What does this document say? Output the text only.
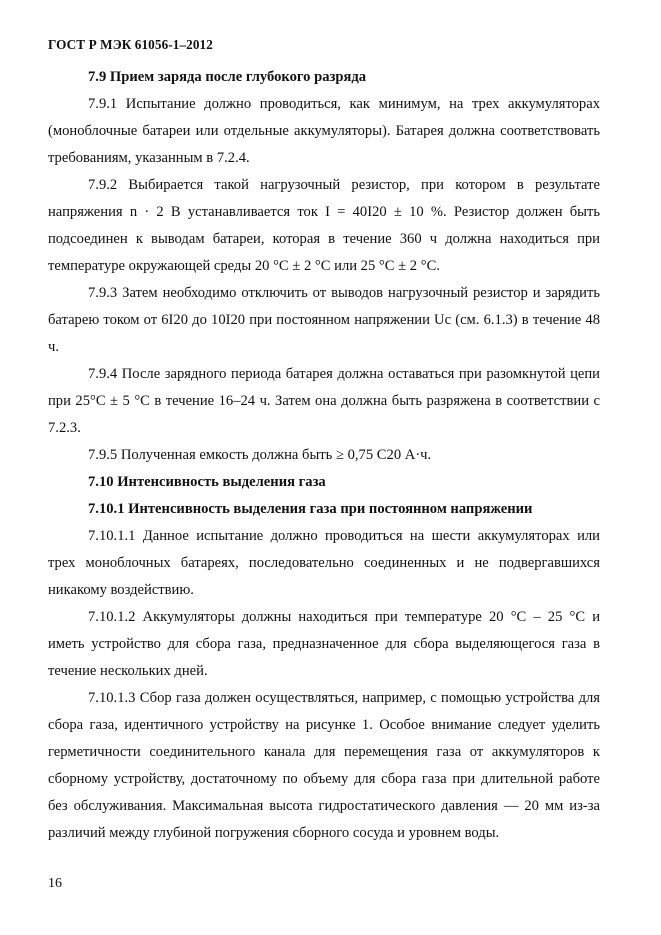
ГОСТ Р МЭК 61056-1–2012

7.9 Прием заряда после глубокого разряда

7.9.1 Испытание должно проводиться, как минимум, на трех аккумуляторах (моноблочные батареи или отдельные аккумуляторы). Батарея должна соответствовать требованиям, указанным в 7.2.4.

7.9.2 Выбирается такой нагрузочный резистор, при котором в результате напряжения n · 2 В устанавливается ток I = 40I20 ± 10 %. Резистор должен быть подсоединен к выводам батареи, которая в течение 360 ч должна находиться при температуре окружающей среды 20 °С ± 2 °С или 25 °С ± 2 °С.

7.9.3 Затем необходимо отключить от выводов нагрузочный резистор и зарядить батарею током от 6I20 до 10I20 при постоянном напряжении Uc (см. 6.1.3) в течение 48 ч.

7.9.4 После зарядного периода батарея должна оставаться при разомкнутой цепи при 25°С ± 5 °С в течение 16–24 ч. Затем она должна быть разряжена в соответствии с 7.2.3.

7.9.5 Полученная емкость должна быть ≥ 0,75 C20 А·ч.

7.10 Интенсивность выделения газа

7.10.1 Интенсивность выделения газа при постоянном напряжении

7.10.1.1 Данное испытание должно проводиться на шести аккумуляторах или трех моноблочных батареях, последовательно соединенных и не подвергавшихся никакому воздействию.

7.10.1.2 Аккумуляторы должны находиться при температуре 20 °С – 25 °С и иметь устройство для сбора газа, предназначенное для сбора выделяющегося газа в течение нескольких дней.

7.10.1.3 Сбор газа должен осуществляться, например, с помощью устройства для сбора газа, идентичного устройству на рисунке 1. Особое внимание следует уделить герметичности соединительного канала для перемещения газа от аккумуляторов к сборному устройству, достаточному по объему для сбора газа при длительной работе без обслуживания. Максимальная высота гидростатического давления — 20 мм из-за различий между глубиной погружения сборного сосуда и уровнем воды.

16
